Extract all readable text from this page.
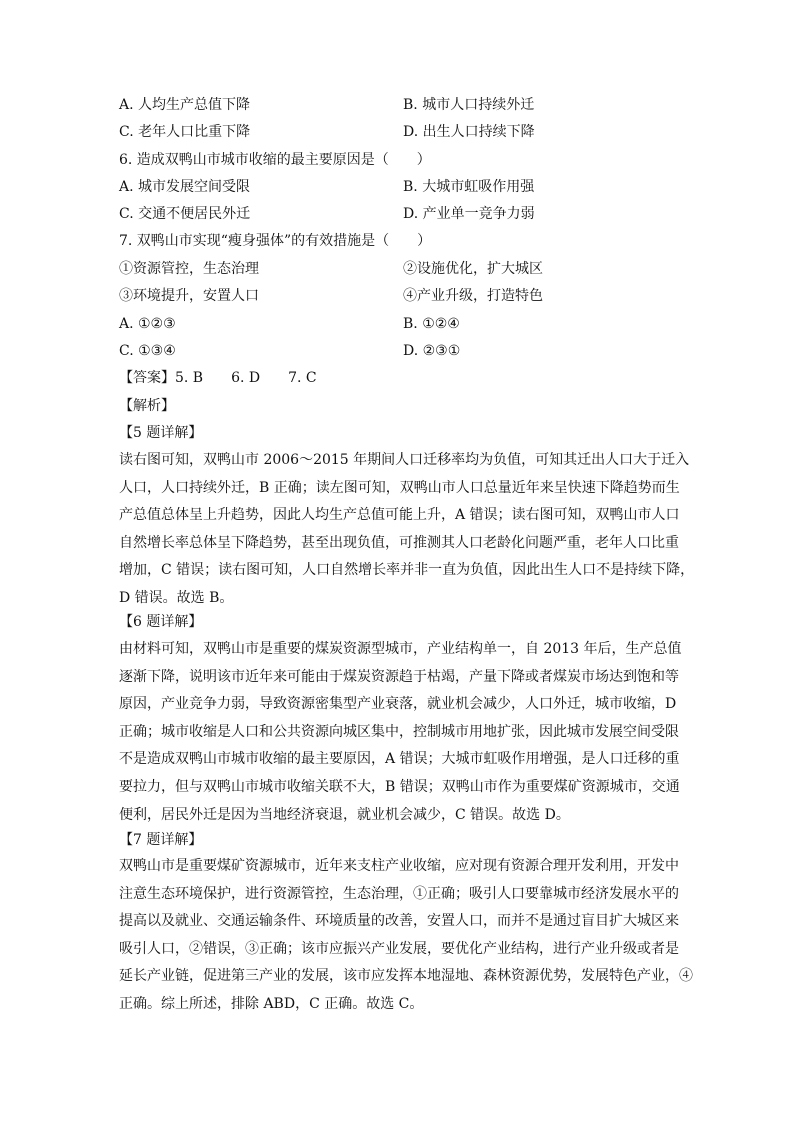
A. 人均生产总值下降	B. 城市人口持续外迁
C. 老年人口比重下降	D. 出生人口持续下降
6. 造成双鸭山市城市收缩的最主要原因是（　　）
A. 城市发展空间受限	B. 大城市虹吸作用强
C. 交通不便居民外迁	D. 产业单一竞争力弱
7. 双鸭山市实现“瘦身强体”的有效措施是（　　）
①资源管控，生态治理	②设施优化，扩大城区
③环境提升，安置人口	④产业升级，打造特色
A. ①②③	B. ①②④
C. ①③④	D. ②③①
【答案】5. B　　6. D　　7. C
【解析】
【5 题详解】
读右图可知，双鸭山市 2006～2015 年期间人口迁移率均为负值，可知其迁出人口大于迁入
人口，人口持续外迁，B 正确；读左图可知，双鸭山市人口总量近年来呈快速下降趋势而生
产总值总体呈上升趋势，因此人均生产总值可能上升，A 错误；读右图可知，双鸭山市人口
自然增长率总体呈下降趋势，甚至出现负值，可推测其人口老龄化问题严重，老年人口比重
增加，C 错误；读右图可知，人口自然增长率并非一直为负值，因此出生人口不是持续下降，
D 错误。故选 B。
【6 题详解】
由材料可知，双鸭山市是重要的煤炭资源型城市，产业结构单一，自 2013 年后，生产总值
逐渐下降，说明该市近年来可能由于煤炭资源趋于枯竭，产量下降或者煤炭市场达到饱和等
原因，产业竞争力弱，导致资源密集型产业衰落，就业机会减少，人口外迁，城市收缩，D
正确；城市收缩是人口和公共资源向城区集中，控制城市用地扩张，因此城市发展空间受限
不是造成双鸭山市城市收缩的最主要原因，A 错误；大城市虹吸作用增强，是人口迁移的重
要拉力，但与双鸭山市城市收缩关联不大，B 错误；双鸭山市作为重要煤矿资源城市，交通
便利，居民外迁是因为当地经济衰退，就业机会减少，C 错误。故选 D。
【7 题详解】
双鸭山市是重要煤矿资源城市，近年来支柱产业收缩，应对现有资源合理开发利用，开发中
注意生态环境保护，进行资源管控，生态治理，①正确；吸引人口要靠城市经济发展水平的
提高以及就业、交通运输条件、环境质量的改善，安置人口，而并不是通过盲目扩大城区来
吸引人口，②错误，③正确；该市应振兴产业发展，要优化产业结构，进行产业升级或者是
延长产业链，促进第三产业的发展，该市应发挥本地湿地、森林资源优势，发展特色产业，④
正确。综上所述，排除 ABD，C 正确。故选 C。
